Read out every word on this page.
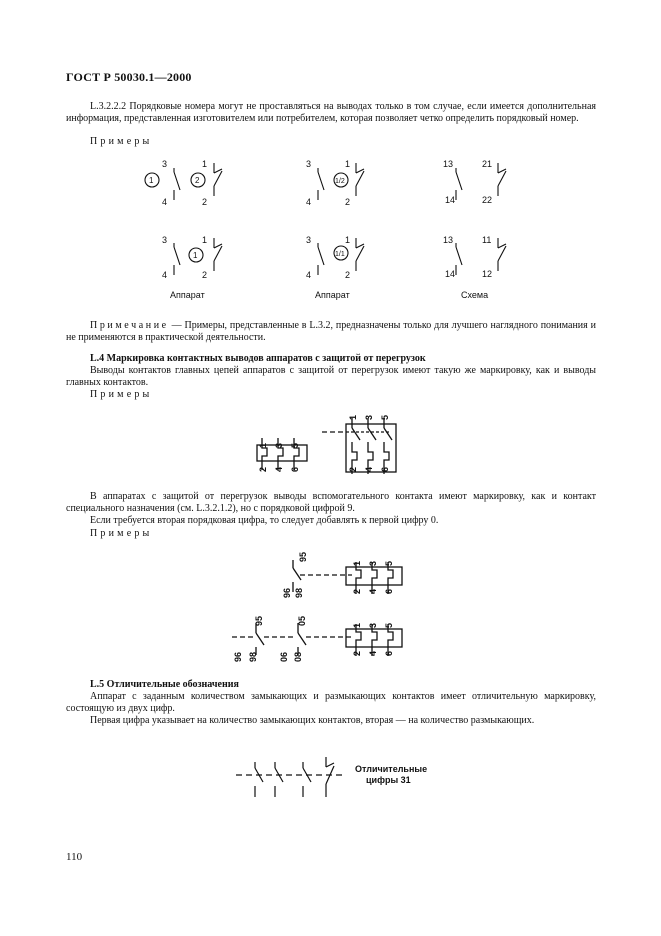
ГОСТ Р 50030.1—2000
L.3.2.2.2 Порядковые номера могут не проставляться на выводах только в том случае, если имеется дополнительная информация, представленная изготовителем или потребителем, которая позволяет четко определить порядковый номер.
Примеры
1	2
3
4
1
2
1/2
3
4
1
2
13
14
21
22
1
3
4
1
2
1/1
3
4
1
2
13
14
11
12
Аппарат	Аппарат	Схема
Примечание — Примеры, представленные в L.3.2, предназначены только для лучшего наглядного понимания и не применяются в практической деятельности.
L.4 Маркировка контактных выводов аппаратов с защитой от перегрузок
Выводы контактов главных цепей аппаратов с защитой от перегрузок имеют такую же маркировку, как и выводы главных контактов.
Примеры
1 3 5
2 4 6
1 3 5
2 4 6
В аппаратах с защитой от перегрузок выводы вспомогательного контакта имеют маркировку, как и контакт специального назначения (см. L.3.2.1.2), но с порядковой цифрой 9.
Если требуется вторая порядковая цифра, то следует добавлять к первой цифру 0.
Примеры
95
96 98
1 3 5
2 4 6
95
96 98
05
06 08
1 3 5
2 4 6
L.5 Отличительные обозначения
Аппарат с заданным количеством замыкающих и размыкающих контактов имеет отличительную маркировку, состоящую из двух цифр.
Первая цифра указывает на количество замыкающих контактов, вторая — на количество размыкающих.
Отличительные
цифры 31
110
